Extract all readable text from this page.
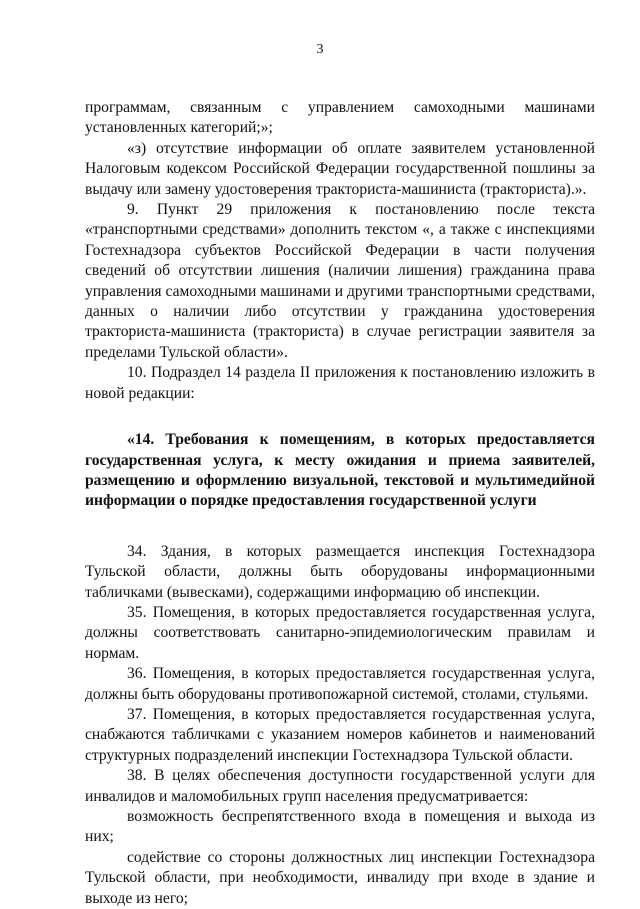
3

программам, связанным с управлением самоходными машинами установленных категорий;»;

«з) отсутствие информации об оплате заявителем установленной Налоговым кодексом Российской Федерации государственной пошлины за выдачу или замену удостоверения тракториста-машиниста (тракториста).».

9. Пункт 29 приложения к постановлению после текста «транспортными средствами» дополнить текстом «, а также с инспекциями Гостехнадзора субъектов Российской Федерации в части получения сведений об отсутствии лишения (наличии лишения) гражданина права управления самоходными машинами и другими транспортными средствами, данных о наличии либо отсутствии у гражданина удостоверения тракториста-машиниста (тракториста) в случае регистрации заявителя за пределами Тульской области».

10. Подраздел 14 раздела II приложения к постановлению изложить в новой редакции:

«14. Требования к помещениям, в которых предоставляется государственная услуга, к месту ожидания и приема заявителей, размещению и оформлению визуальной, текстовой и мультимедийной информации о порядке предоставления государственной услуги

34. Здания, в которых размещается инспекция Гостехнадзора Тульской области, должны быть оборудованы информационными табличками (вывесками), содержащими информацию об инспекции.

35. Помещения, в которых предоставляется государственная услуга, должны соответствовать санитарно-эпидемиологическим правилам и нормам.

36. Помещения, в которых предоставляется государственная услуга, должны быть оборудованы противопожарной системой, столами, стульями.

37. Помещения, в которых предоставляется государственная услуга, снабжаются табличками с указанием номеров кабинетов и наименований структурных подразделений инспекции Гостехнадзора Тульской области.

38. В целях обеспечения доступности государственной услуги для инвалидов и маломобильных групп населения предусматривается:

возможность беспрепятственного входа в помещения и выхода из них;

содействие со стороны должностных лиц инспекции Гостехнадзора Тульской области, при необходимости, инвалиду при входе в здание и выходе из него;
